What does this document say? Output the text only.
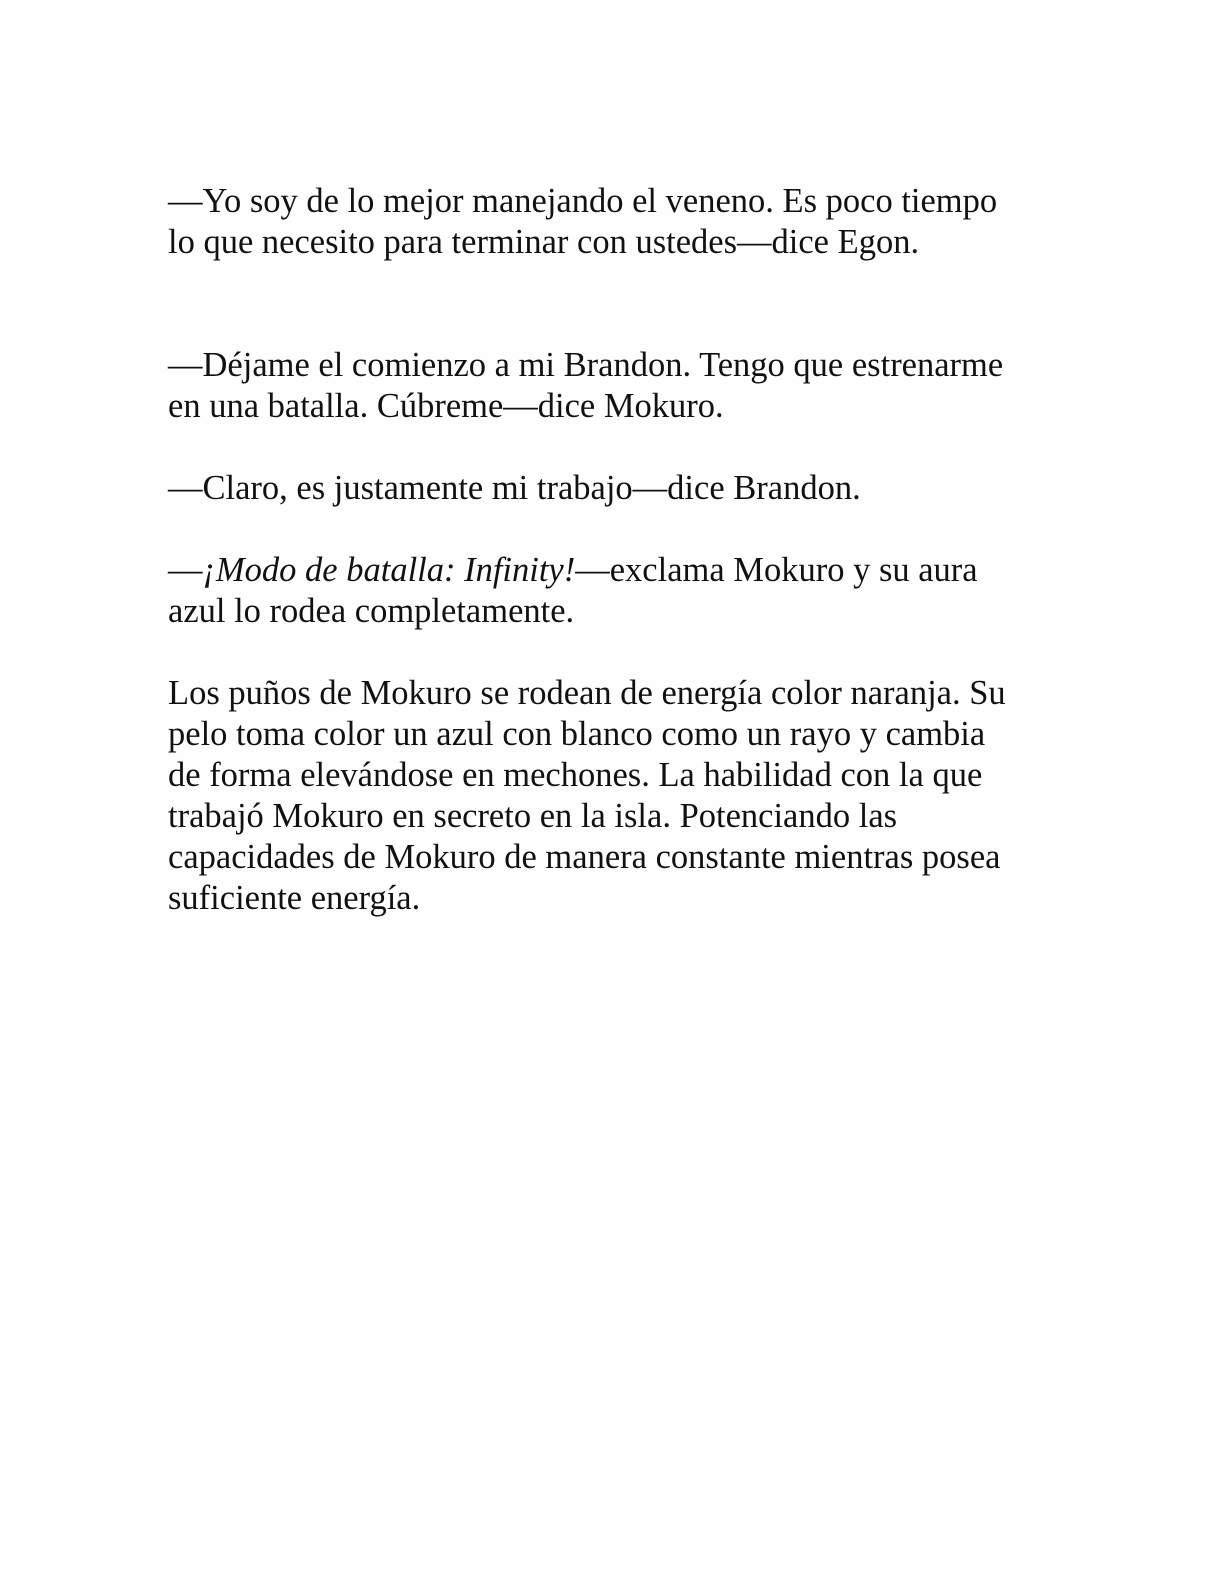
—Yo soy de lo mejor manejando el veneno. Es poco tiempo
lo que necesito para terminar con ustedes—dice Egon.

—Déjame el comienzo a mi Brandon. Tengo que estrenarme
en una batalla. Cúbreme—dice Mokuro.

—Claro, es justamente mi trabajo—dice Brandon.

—¡Modo de batalla: Infinity!—exclama Mokuro y su aura
azul lo rodea completamente.

Los puños de Mokuro se rodean de energía color naranja. Su
pelo toma color un azul con blanco como un rayo y cambia
de forma elevándose en mechones. La habilidad con la que
trabajó Mokuro en secreto en la isla. Potenciando las
capacidades de Mokuro de manera constante mientras posea
suficiente energía.
